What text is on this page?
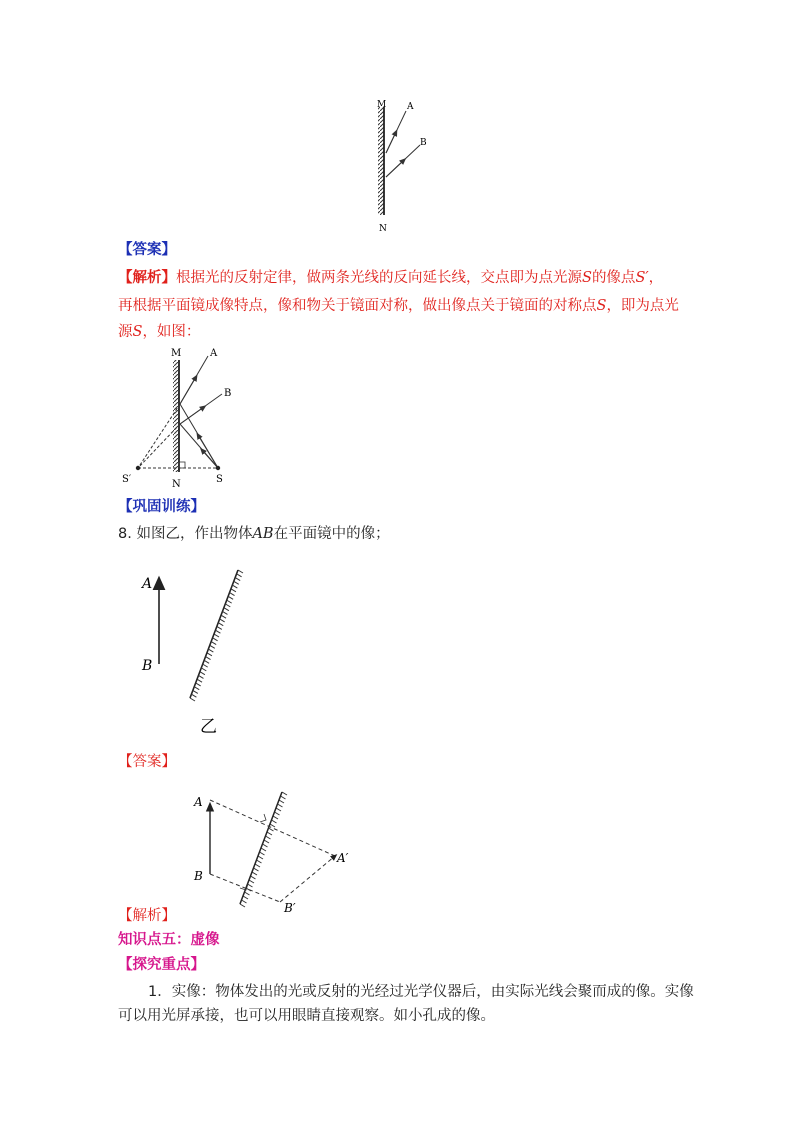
M
N
A
B
【答案】
【解析】根据光的反射定律，做两条光线的反向延长线，交点即为点光源S的像点S′，
再根据平面镜成像特点，像和物关于镜面对称，做出像点关于镜面的对称点S，即为点光
源S，如图：
M
N
A
B
S′	S
【巩固训练】
8. 如图乙，作出物体AB在平面镜中的像；
A
B
乙
【答案】
A
B
A′
B′
【解析】
知识点五：虚像
【探究重点】
1．实像：物体发出的光或反射的光经过光学仪器后，由实际光线会聚而成的像。实像
可以用光屏承接，也可以用眼睛直接观察。如小孔成的像。
